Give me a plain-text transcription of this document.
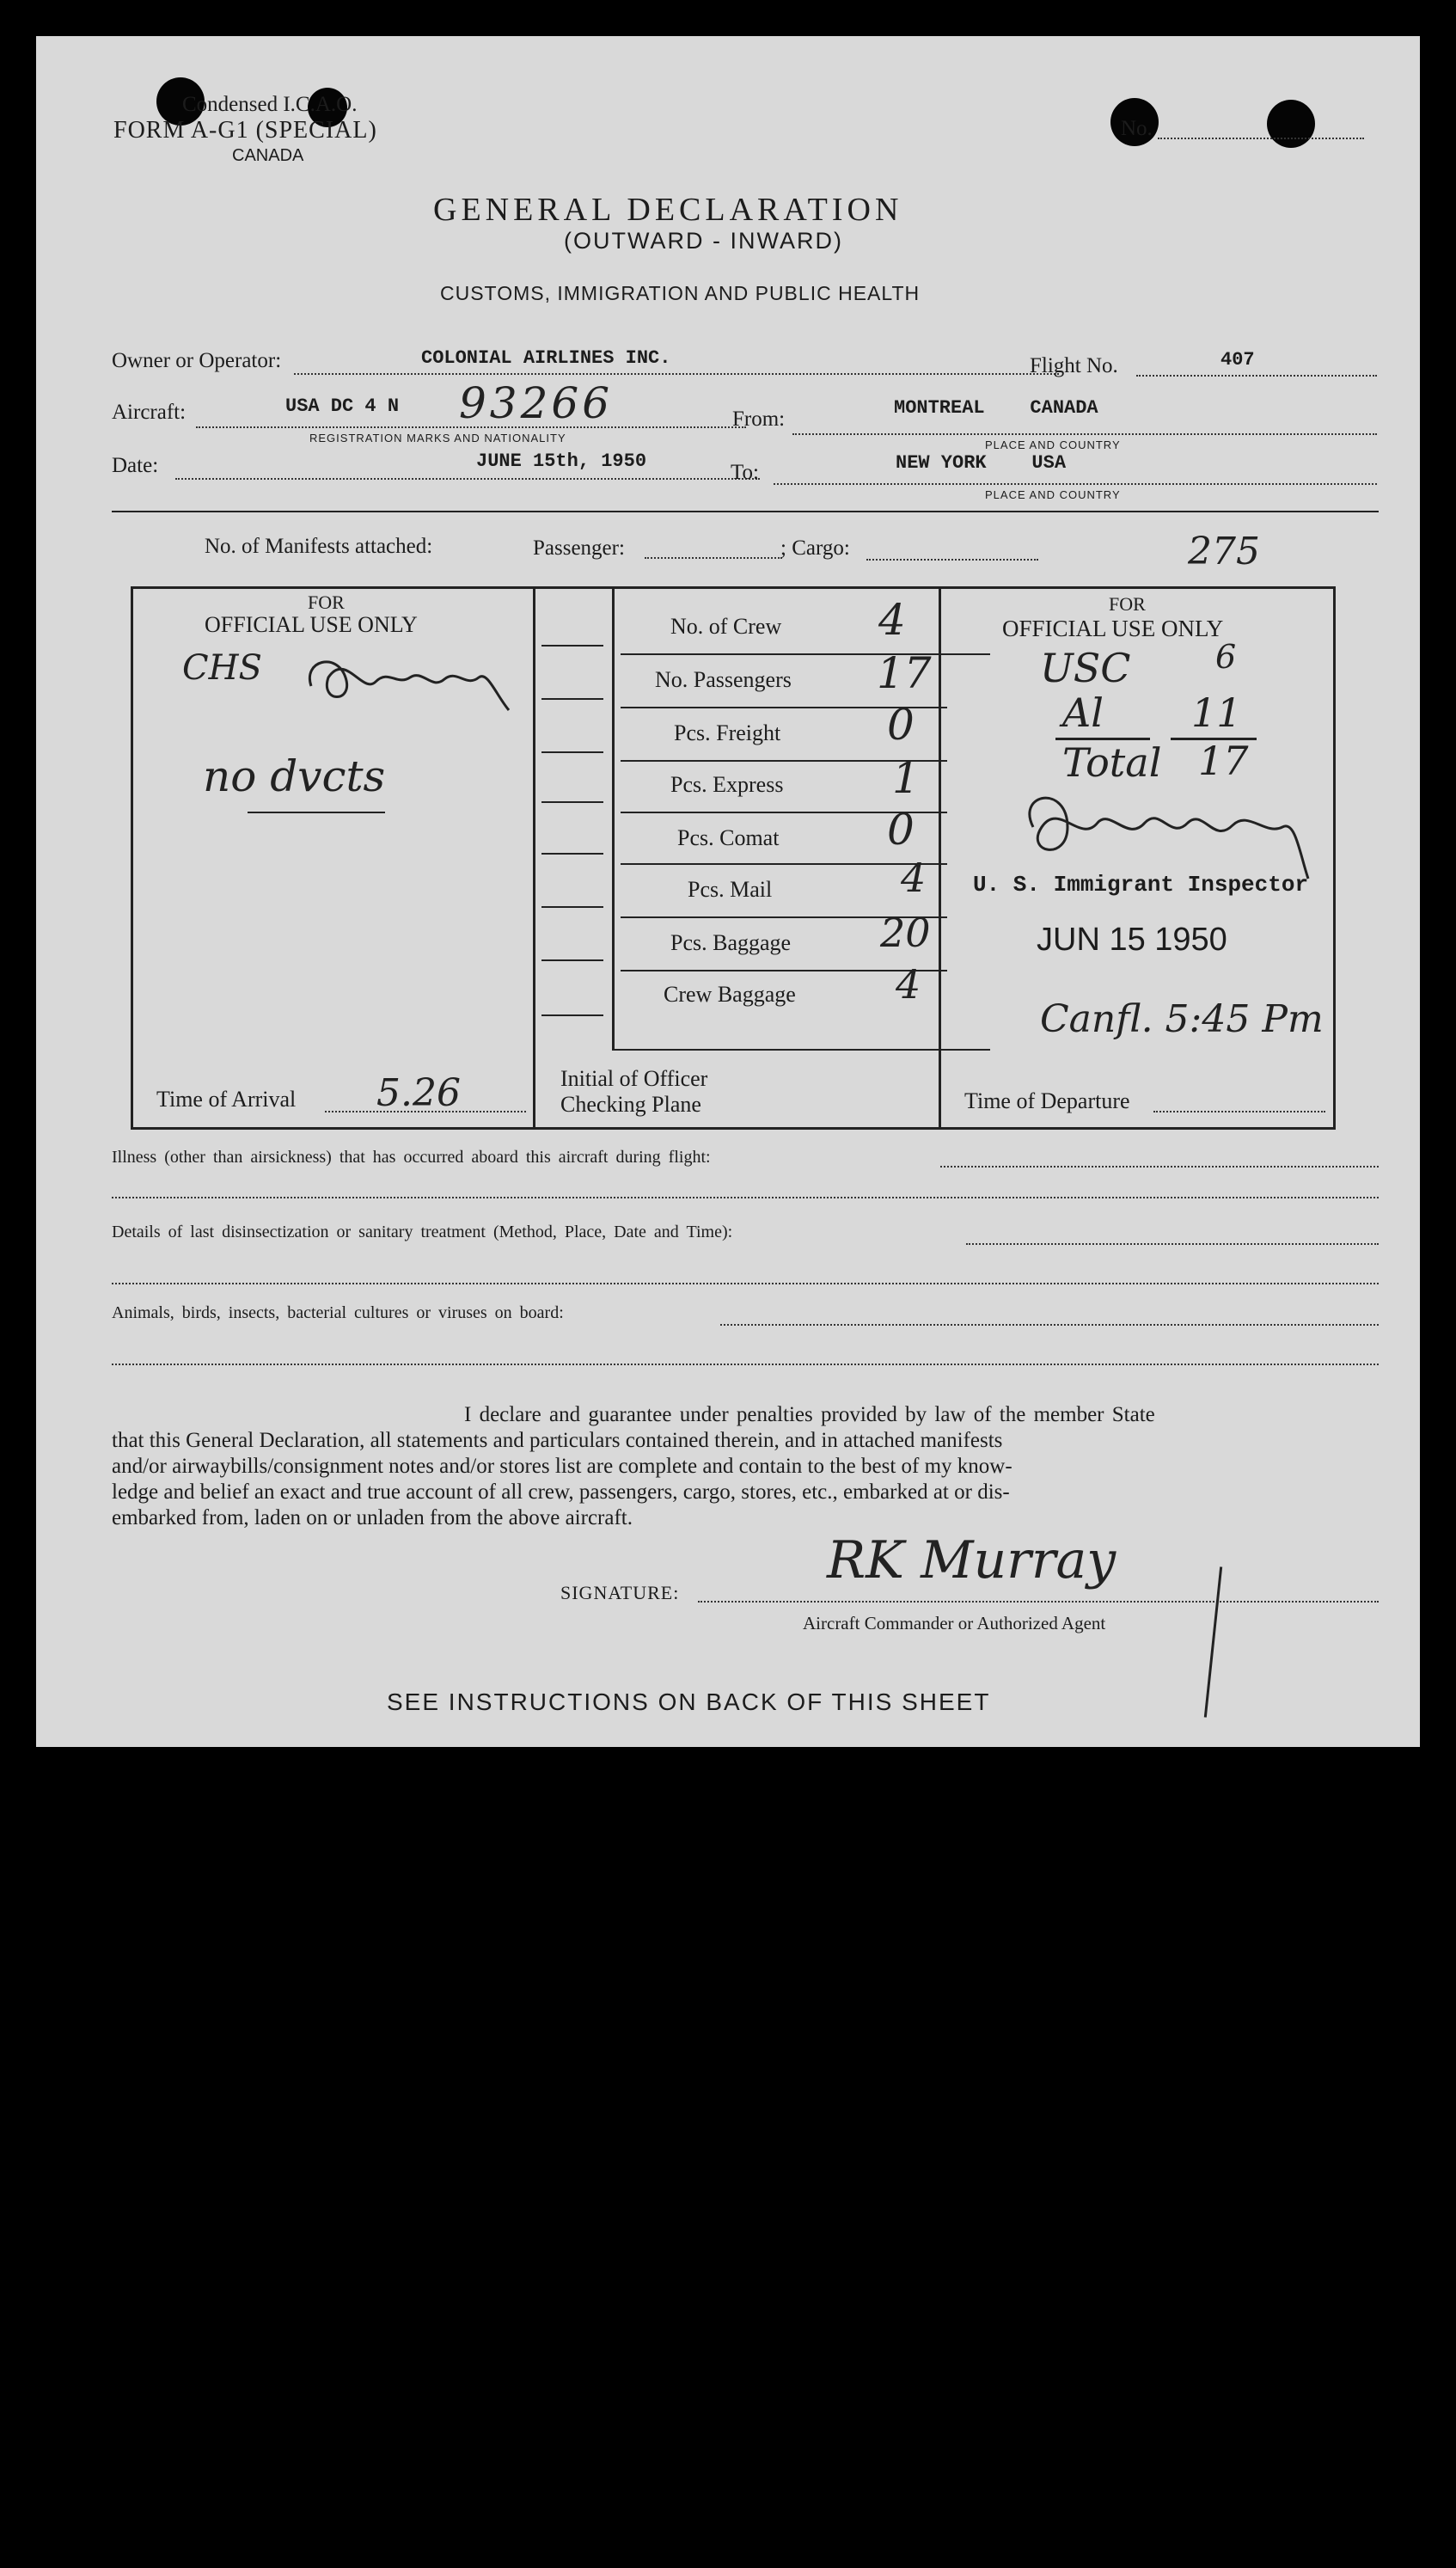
Condensed I.C.A.O.
FORM A-G1 (SPECIAL)
CANADA
No.
GENERAL DECLARATION
(OUTWARD - INWARD)
CUSTOMS, IMMIGRATION AND PUBLIC HEALTH
Owner or Operator:	COLONIAL AIRLINES INC.	Flight No.	407
Aircraft:	USA DC 4 N 93266
REGISTRATION MARKS AND NATIONALITY
From:	MONTREAL    CANADA
PLACE AND COUNTRY
Date:	JUNE 15th, 1950	To:	NEW YORK    USA
PLACE AND COUNTRY
No. of Manifests attached:	Passenger:	; Cargo:	275
FOR
OFFICIAL USE ONLY
CHS
no dvcts
Time of Arrival 5.26
No. of Crew 4
No. Passengers 17
Pcs. Freight 0
Pcs. Express	1
Pcs. Comat	0
Pcs. Mail	4
Pcs. Baggage 20
Crew Baggage	4
Initial of Officer
Checking Plane
FOR
OFFICIAL USE ONLY
USC	6
Al 11
Total 17
U. S. Immigrant Inspector
JUN 15 1950
Canfl. 5:45 Pm
Time of Departure
Illness (other than airsickness) that has occurred aboard this aircraft during flight:
Details of last disinsectization or sanitary treatment (Method, Place, Date and Time):
Animals, birds, insects, bacterial cultures or viruses on board:
I declare and guarantee under penalties provided by law of the member State
that this General Declaration, all statements and particulars contained therein, and in attached manifests
and/or airwaybills/consignment notes and/or stores list are complete and contain to the best of my know-
ledge and belief an exact and true account of all crew, passengers, cargo, stores, etc., embarked at or dis-
embarked from, laden on or unladen from the above aircraft.
SIGNATURE:
RK Murray
Aircraft Commander or Authorized Agent
SEE INSTRUCTIONS ON BACK OF THIS SHEET
